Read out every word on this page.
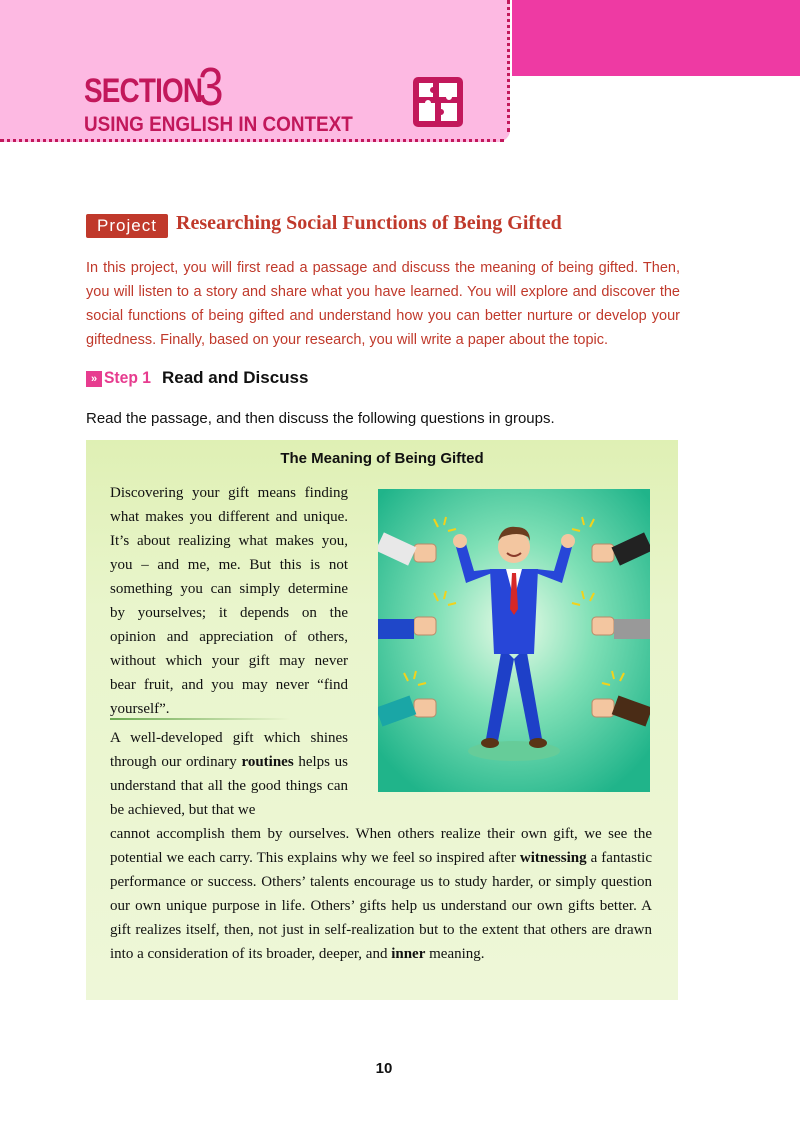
SECTION
3
USING ENGLISH IN CONTEXT
Project Researching Social Functions of Being Gifted
In this project, you will first read a passage and discuss the meaning of being gifted. Then, you will listen to a story and share what you have learned. You will explore and discover the social functions of being gifted and understand how you can better nurture or develop your giftedness. Finally, based on your research, you will write a paper about the topic.
» Step 1 Read and Discuss
Read the passage, and then discuss the following questions in groups.
The Meaning of Being Gifted
Discovering your gift means finding what makes you different and unique. It’s about realizing what makes you, you – and me, me. But this is not something you can simply determine by yourselves; it depends on the opinion and appreciation of others, without which your gift may never bear fruit, and you may never “find yourself”.
A well-developed gift which shines through our ordinary routines helps us understand that all the good things can be achieved, but that we
cannot accomplish them by ourselves. When others realize their own gift, we see the potential we each carry. This explains why we feel so inspired after witnessing a fantastic performance or success. Others’ talents encourage us to study harder, or simply question our own unique purpose in life. Others’ gifts help us understand our own gifts better. A gift realizes itself, then, not just in self-realization but to the extent that others are drawn into a consideration of its broader, deeper, and inner meaning.
10
